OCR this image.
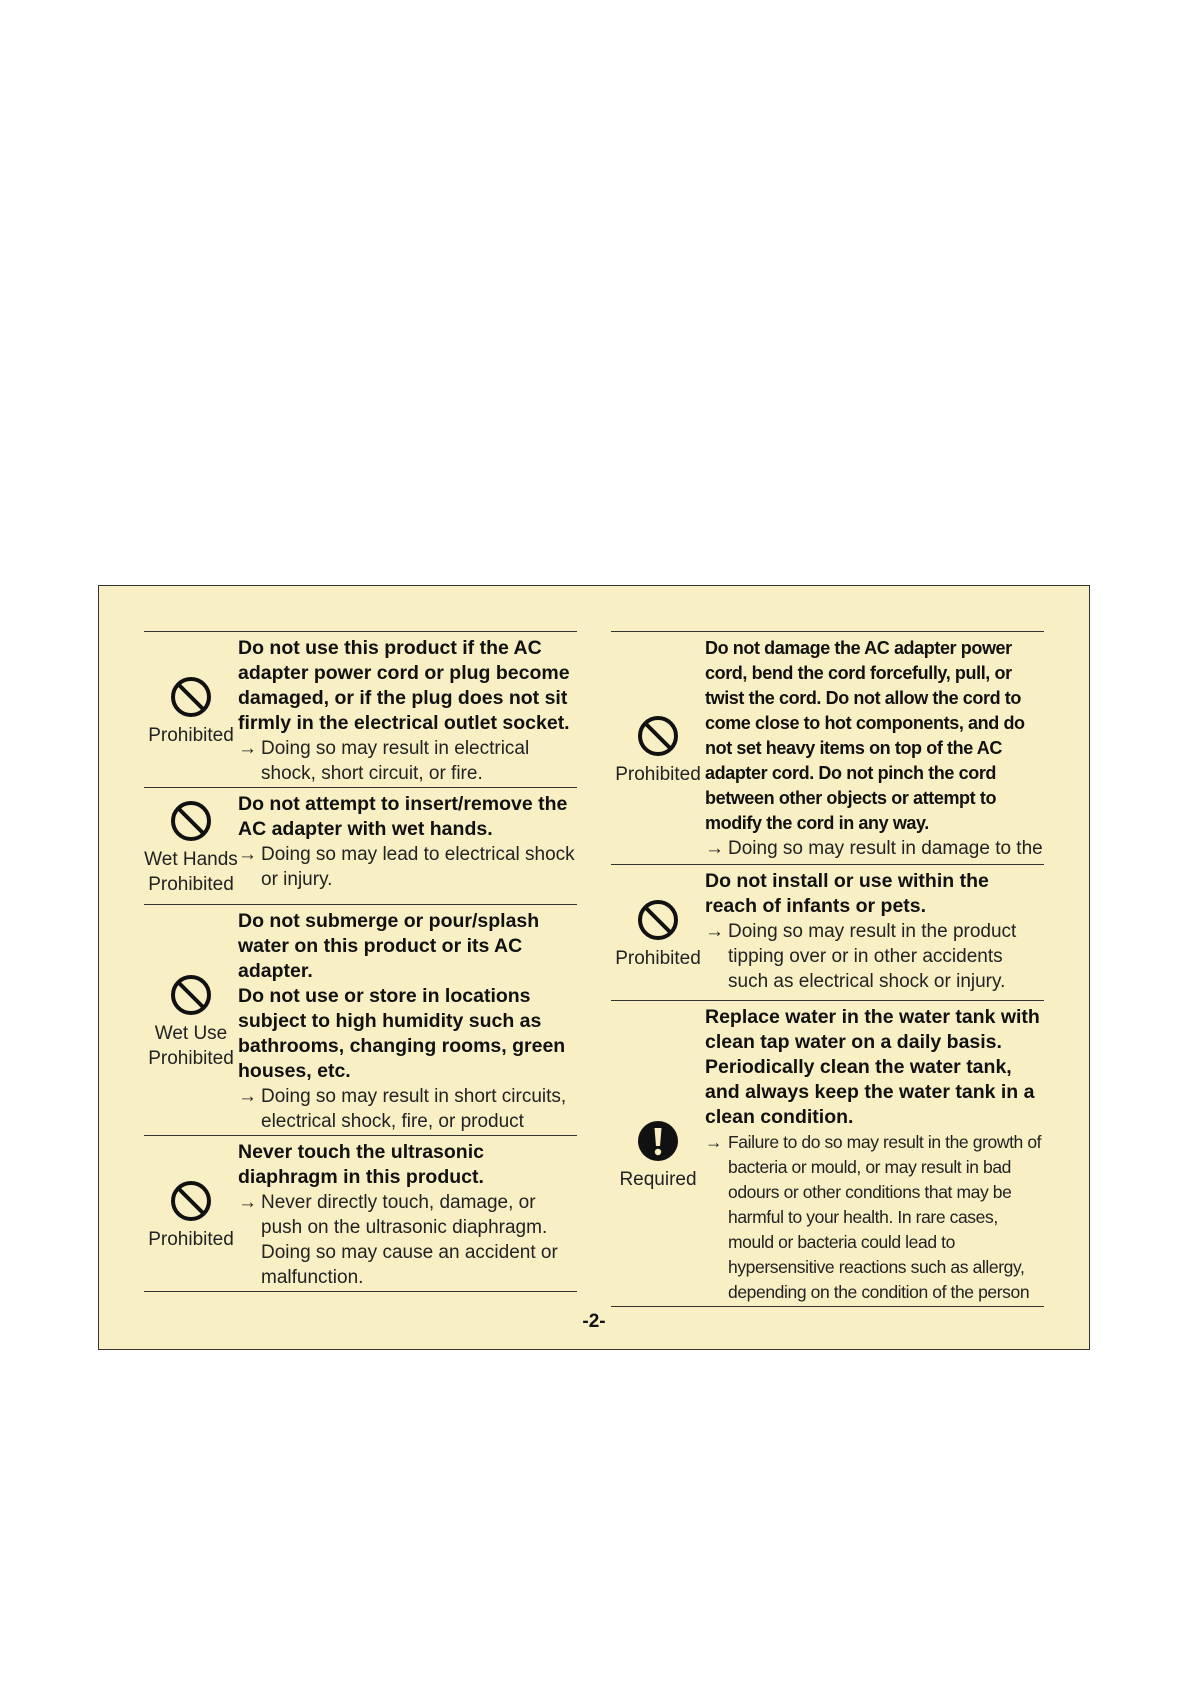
Prohibited

Do not use this product if the AC adapter power cord or plug become damaged, or if the plug does not sit firmly in the electrical outlet socket.

→ Doing so may result in electrical shock, short circuit, or fire.

Wet Hands
Prohibited

Do not attempt to insert/remove the AC adapter with wet hands.

→ Doing so may lead to electrical shock or injury.

Wet Use
Prohibited

Do not submerge or pour/splash water on this product or its AC adapter.

Do not use or store in locations subject to high humidity such as bathrooms, changing rooms, green houses, etc.

→ Doing so may result in short circuits, electrical shock, fire, or product

Prohibited

Never touch the ultrasonic diaphragm in this product.

→ Never directly touch, damage, or push on the ultrasonic diaphragm. Doing so may cause an accident or malfunction.

Prohibited

Do not damage the AC adapter power cord, bend the cord forcefully, pull, or twist the cord. Do not allow the cord to come close to hot components, and do not set heavy items on top of the AC adapter cord. Do not pinch the cord between other objects or attempt to modify the cord in any way.

→ Doing so may result in damage to the

Prohibited

Do not install or use within the reach of infants or pets.

→ Doing so may result in the product tipping over or in other accidents such as electrical shock or injury.

Required

Replace water in the water tank with clean tap water on a daily basis. Periodically clean the water tank, and always keep the water tank in a clean condition.

→ Failure to do so may result in the growth of bacteria or mould, or may result in bad odours or other conditions that may be harmful to your health. In rare cases, mould or bacteria could lead to hypersensitive reactions such as allergy, depending on the condition of the person

-2-
